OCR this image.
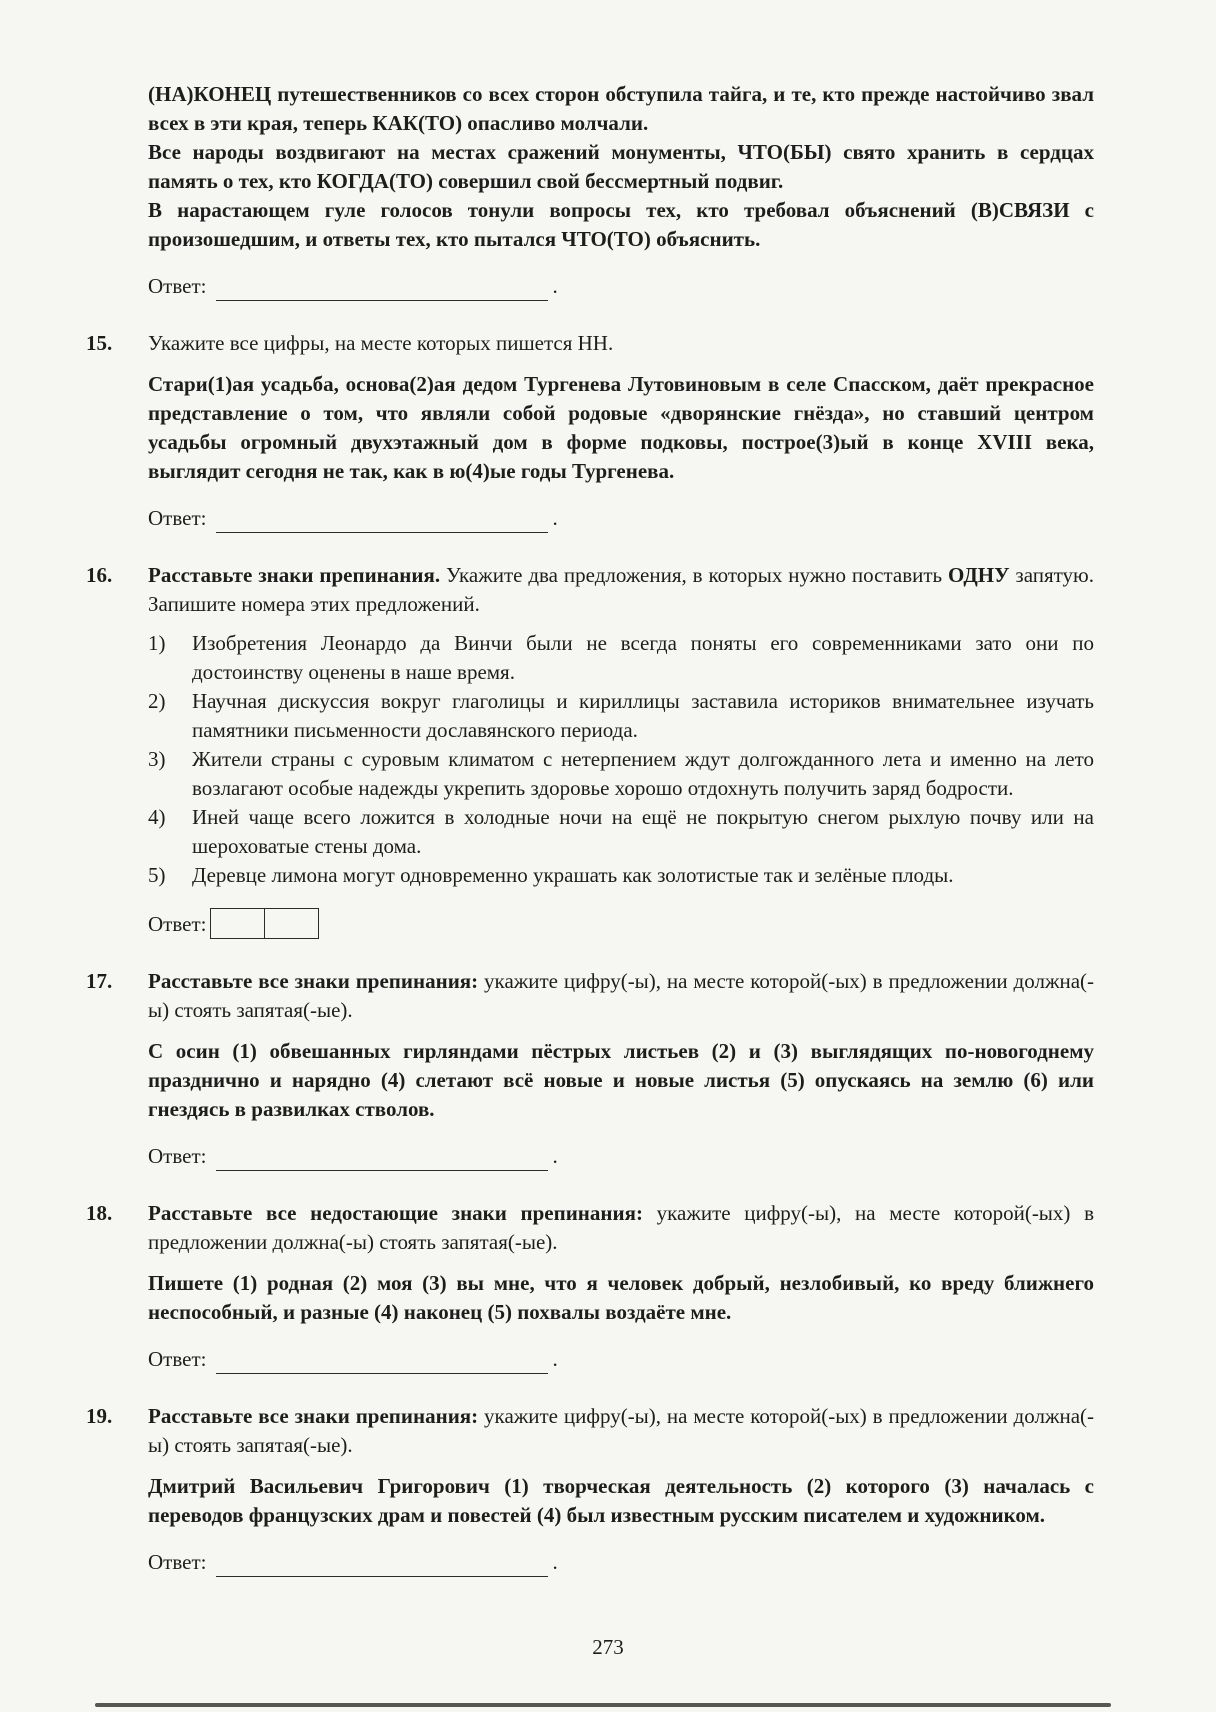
(НА)КОНЕЦ путешественников со всех сторон обступила тайга, и те, кто прежде настойчиво звал всех в эти края, теперь КАК(ТО) опасливо молчали.

Все народы воздвигают на местах сражений монументы, ЧТО(БЫ) свято хранить в сердцах память о тех, кто КОГДА(ТО) совершил свой бессмертный подвиг.

В нарастающем гуле голосов тонули вопросы тех, кто требовал объяснений (В)СВЯЗИ с произошедшим, и ответы тех, кто пытался ЧТО(ТО) объяснить.

Ответ:	.
15.	Укажите все цифры, на месте которых пишется НН.

Стари(1)ая усадьба, основа(2)ая дедом Тургенева Лутовиновым в селе Спасском, даёт прекрасное представление о том, что являли собой родовые «дворянские гнёзда», но ставший центром усадьбы огромный двухэтажный дом в форме подковы, построе(3)ый в конце XVIII века, выглядит сегодня не так, как в ю(4)ые годы Тургенева.

Ответ:	.
16.	Расставьте знаки препинания. Укажите два предложения, в которых нужно поставить ОДНУ запятую. Запишите номера этих предложений.

1)	Изобретения Леонардо да Винчи были не всегда поняты его современниками зато они по достоинству оценены в наше время.
2)	Научная дискуссия вокруг глаголицы и кириллицы заставила историков внимательнее изучать памятники письменности дославянского периода.
3)	Жители страны с суровым климатом с нетерпением ждут долгожданного лета и именно на лето возлагают особые надежды укрепить здоровье хорошо отдохнуть получить заряд бодрости.
4)	Иней чаще всего ложится в холодные ночи на ещё не покрытую снегом рыхлую почву или на шероховатые стены дома.
5)	Деревце лимона могут одновременно украшать как золотистые так и зелёные плоды.
Ответ:
17.	Расставьте все знаки препинания: укажите цифру(-ы), на месте которой(-ых) в предложении должна(-ы) стоять запятая(-ые).

С осин (1) обвешанных гирляндами пёстрых листьев (2) и (3) выглядящих по-новогоднему празднично и нарядно (4) слетают всё новые и новые листья (5) опускаясь на землю (6) или гнездясь в развилках стволов.

Ответ:	.
18.	Расставьте все недостающие знаки препинания: укажите цифру(-ы), на месте которой(-ых) в предложении должна(-ы) стоять запятая(-ые).

Пишете (1) родная (2) моя (3) вы мне, что я человек добрый, незлобивый, ко вреду ближнего неспособный, и разные (4) наконец (5) похвалы воздаёте мне.

Ответ:	.
19.	Расставьте все знаки препинания: укажите цифру(-ы), на месте которой(-ых) в предложении должна(-ы) стоять запятая(-ые).

Дмитрий Васильевич Григорович (1) творческая деятельность (2) которого (3) началась с переводов французских драм и повестей (4) был известным русским писателем и художником.

Ответ:	.
273
